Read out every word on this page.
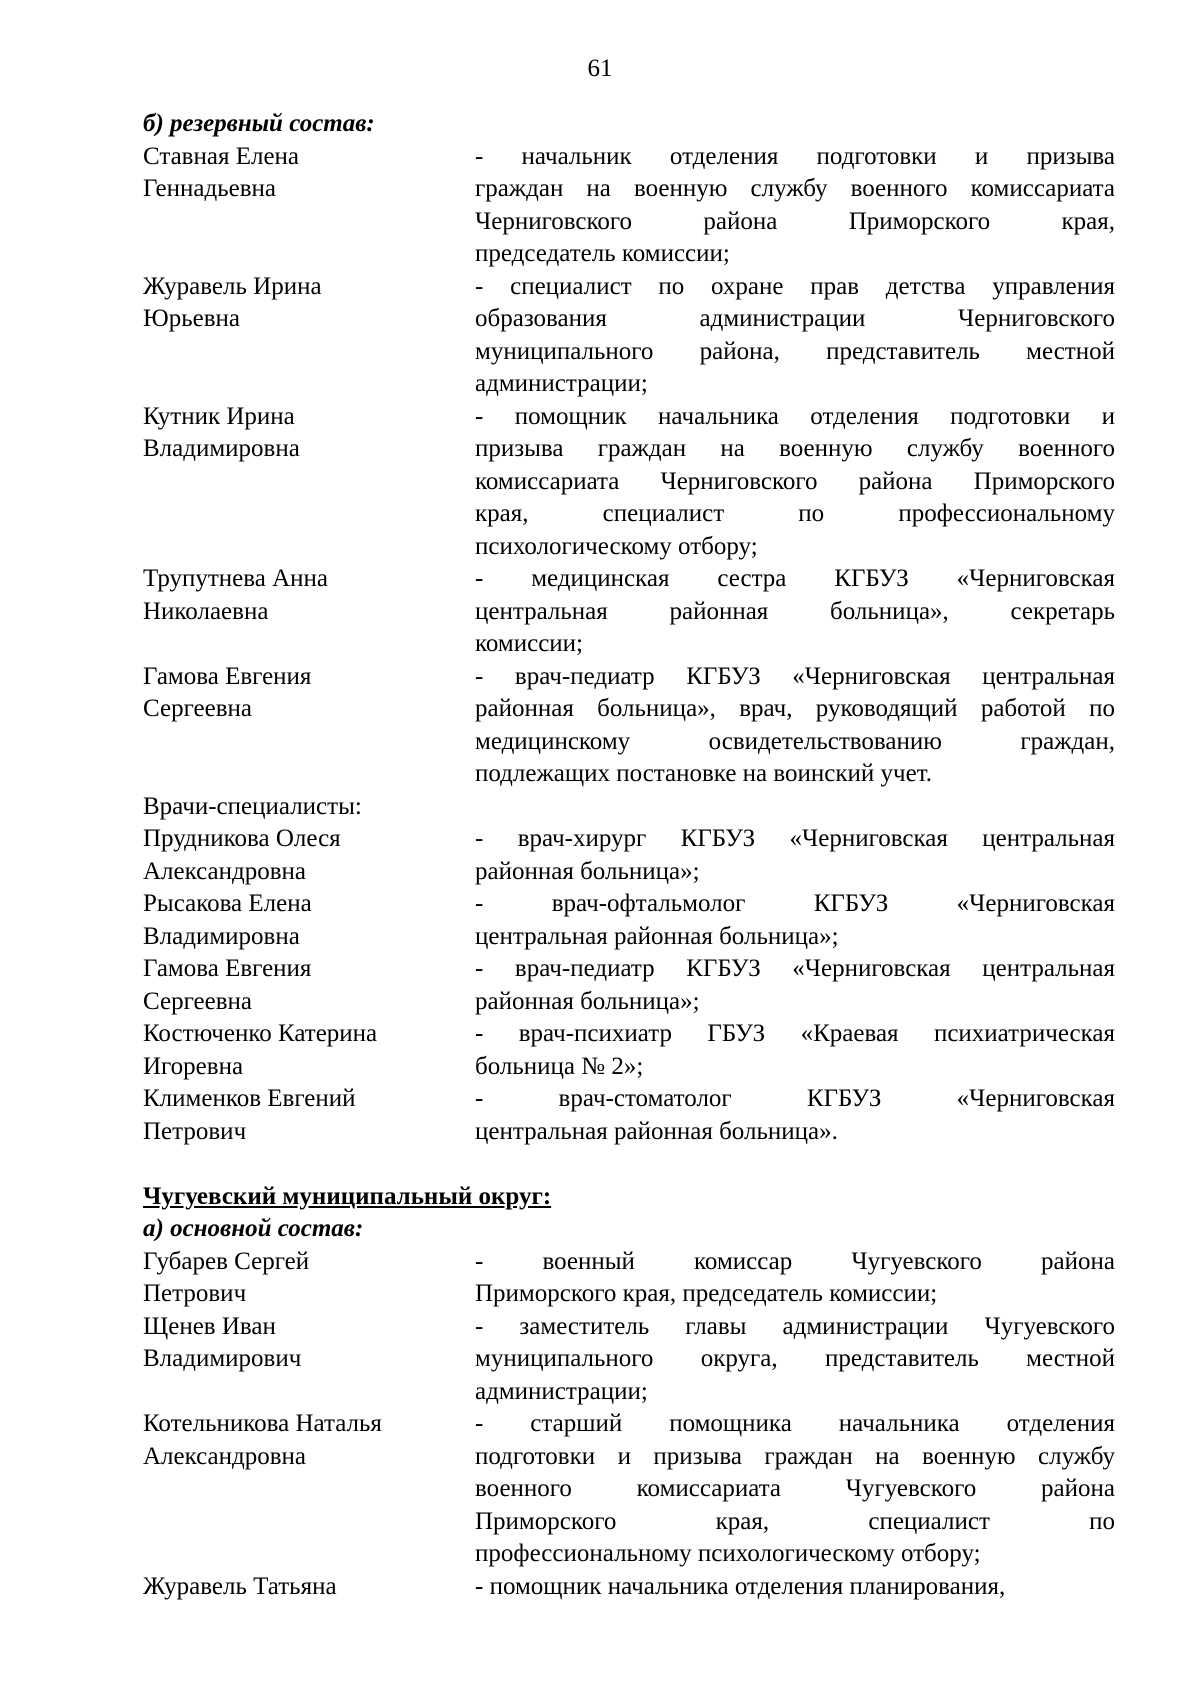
61
б) резервный состав:
Ставная Елена
Геннадьевна
- начальник отделения подготовки и призыва
граждан на военную службу военного комиссариата
Черниговского района Приморского края,
председатель комиссии;
Журавель Ирина
Юрьевна
- специалист по охране прав детства управления
образования администрации Черниговского
муниципального района, представитель местной
администрации;
Кутник Ирина
Владимировна
- помощник начальника отделения подготовки и
призыва граждан на военную службу военного
комиссариата Черниговского района Приморского
края, специалист по профессиональному
психологическому отбору;
Трупутнева Анна
Николаевна
- медицинская сестра КГБУЗ «Черниговская
центральная районная больница», секретарь
комиссии;
Гамова Евгения
Сергеевна
- врач-педиатр КГБУЗ «Черниговская центральная
районная больница», врач, руководящий работой по
медицинскому освидетельствованию граждан,
подлежащих постановке на воинский учет.
Врачи-специалисты:
Прудникова Олеся
Александровна
- врач-хирург КГБУЗ «Черниговская центральная
районная больница»;
Рысакова Елена
Владимировна
- врач-офтальмолог КГБУЗ «Черниговская
центральная районная больница»;
Гамова Евгения
Сергеевна
- врач-педиатр КГБУЗ «Черниговская центральная
районная больница»;
Костюченко Катерина
Игоревна
- врач-психиатр ГБУЗ «Краевая психиатрическая
больница № 2»;
Клименков Евгений
Петрович
- врач-стоматолог КГБУЗ «Черниговская
центральная районная больница».
Чугуевский муниципальный округ:
а) основной состав:
Губарев Сергей
Петрович
- военный комиссар Чугуевского района
Приморского края, председатель комиссии;
Щенев Иван
Владимирович
- заместитель главы администрации Чугуевского
муниципального округа, представитель местной
администрации;
Котельникова Наталья
Александровна
- старший помощника начальника отделения
подготовки и призыва граждан на военную службу
военного комиссариата Чугуевского района
Приморского края, специалист по
профессиональному психологическому отбору;
Журавель Татьяна	- помощник начальника отделения планирования,
